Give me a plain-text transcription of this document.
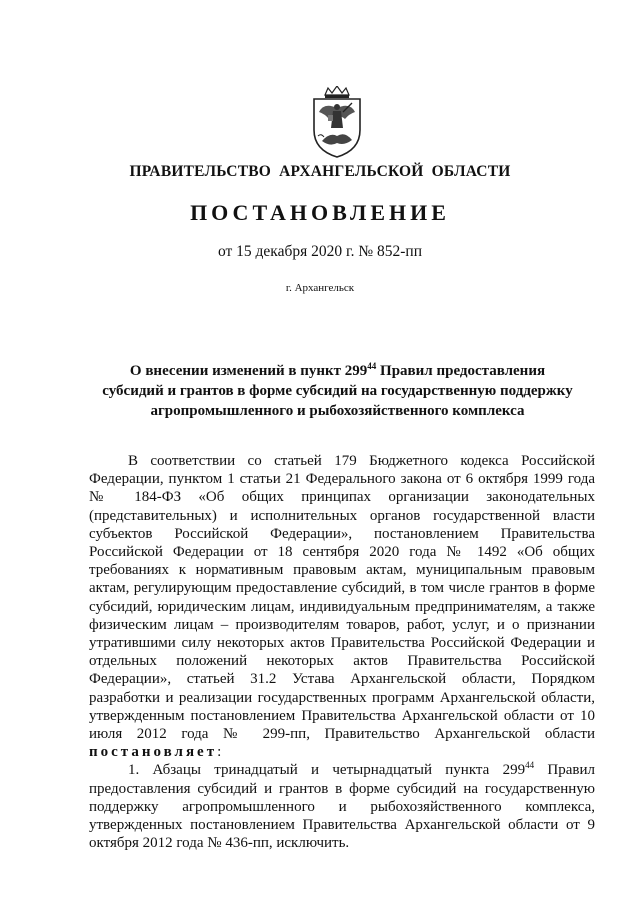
ПРАВИТЕЛЬСТВО АРХАНГЕЛЬСКОЙ ОБЛАСТИ
ПОСТАНОВЛЕНИЕ
от 15 декабря 2020 г. № 852-пп
г. Архангельск
О внесении изменений в пункт $299^{44}$ Правил предоставления
субсидий и грантов в форме субсидий на государственную поддержку
агропромышленного и рыбохозяйственного комплекса

В соответствии со статьей 179 Бюджетного кодекса Российской Федерации, пунктом 1 статьи 21 Федерального закона от 6 октября 1999 года № 184-ФЗ «Об общих принципах организации законодательных (представительных) и исполнительных органов государственной власти субъектов Российской Федерации», постановлением Правительства Российской Федерации от 18 сентября 2020 года № 1492 «Об общих требованиях к нормативным правовым актам, муниципальным правовым актам, регулирующим предоставление субсидий, в том числе грантов в форме субсидий, юридическим лицам, индивидуальным предпринимателям, а также физическим лицам – производителям товаров, работ, услуг, и о признании утратившими силу некоторых актов Правительства Российской Федерации и отдельных положений некоторых актов Правительства Российской Федерации», статьей 31.2 Устава Архангельской области, Порядком разработки и реализации государственных программ Архангельской области, утвержденным постановлением Правительства Архангельской области от 10 июля 2012 года № 299-пп, Правительство Архангельской области постановляет:

1. Абзацы тринадцатый и четырнадцатый пункта $299^{44}$ Правил предоставления субсидий и грантов в форме субсидий на государственную поддержку агропромышленного и рыбохозяйственного комплекса, утвержденных постановлением Правительства Архангельской области от 9 октября 2012 года № 436-пп, исключить.
